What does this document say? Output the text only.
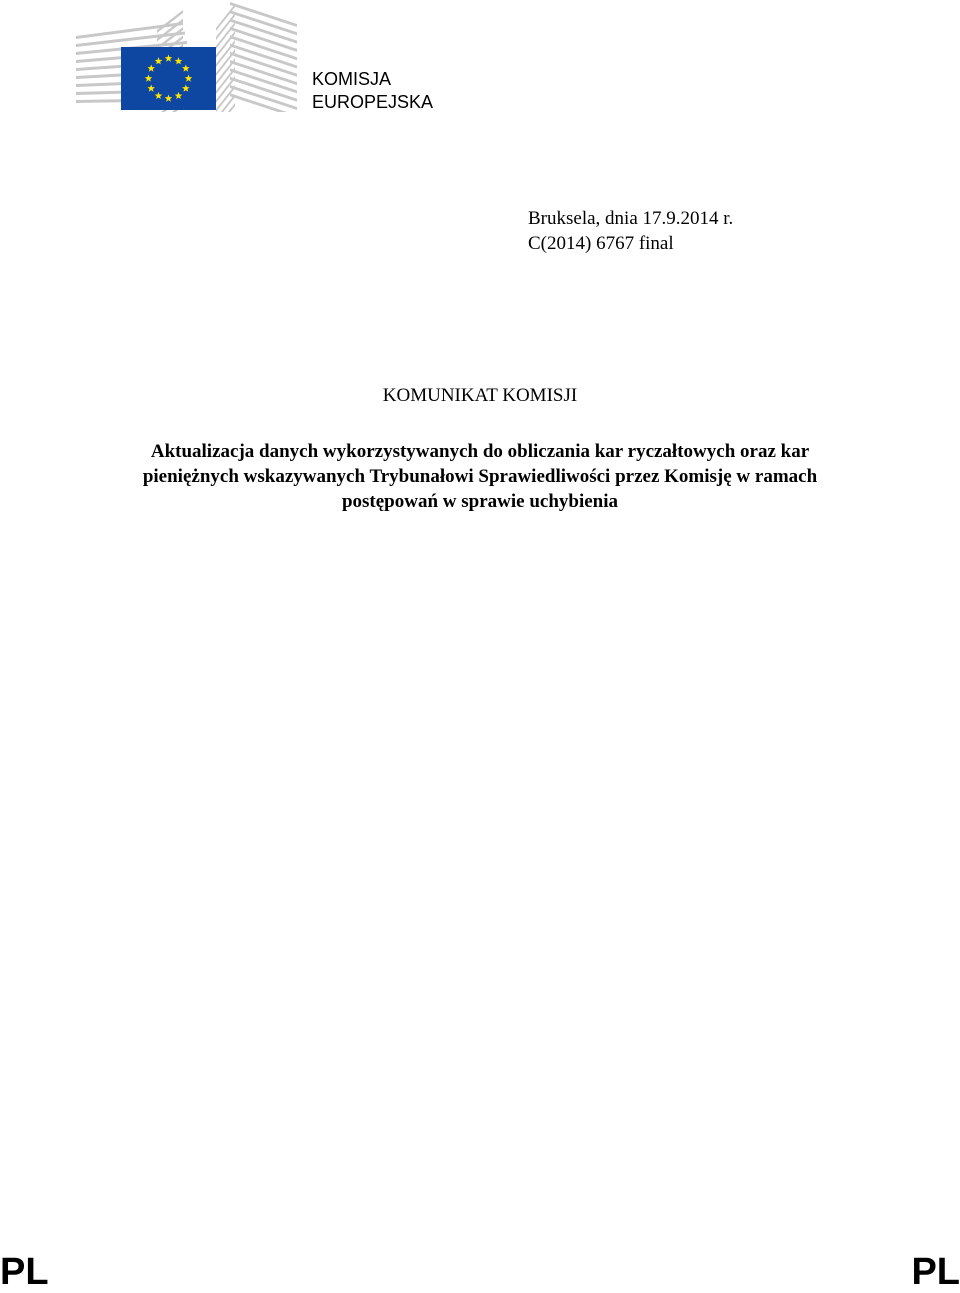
KOMISJA
EUROPEJSKA
Bruksela, dnia 17.9.2014 r.
C(2014) 6767 final
KOMUNIKAT KOMISJI
Aktualizacja danych wykorzystywanych do obliczania kar ryczałtowych oraz kar
pieniężnych wskazywanych Trybunałowi Sprawiedliwości przez Komisję w ramach
postępowań w sprawie uchybienia
PL	PL
